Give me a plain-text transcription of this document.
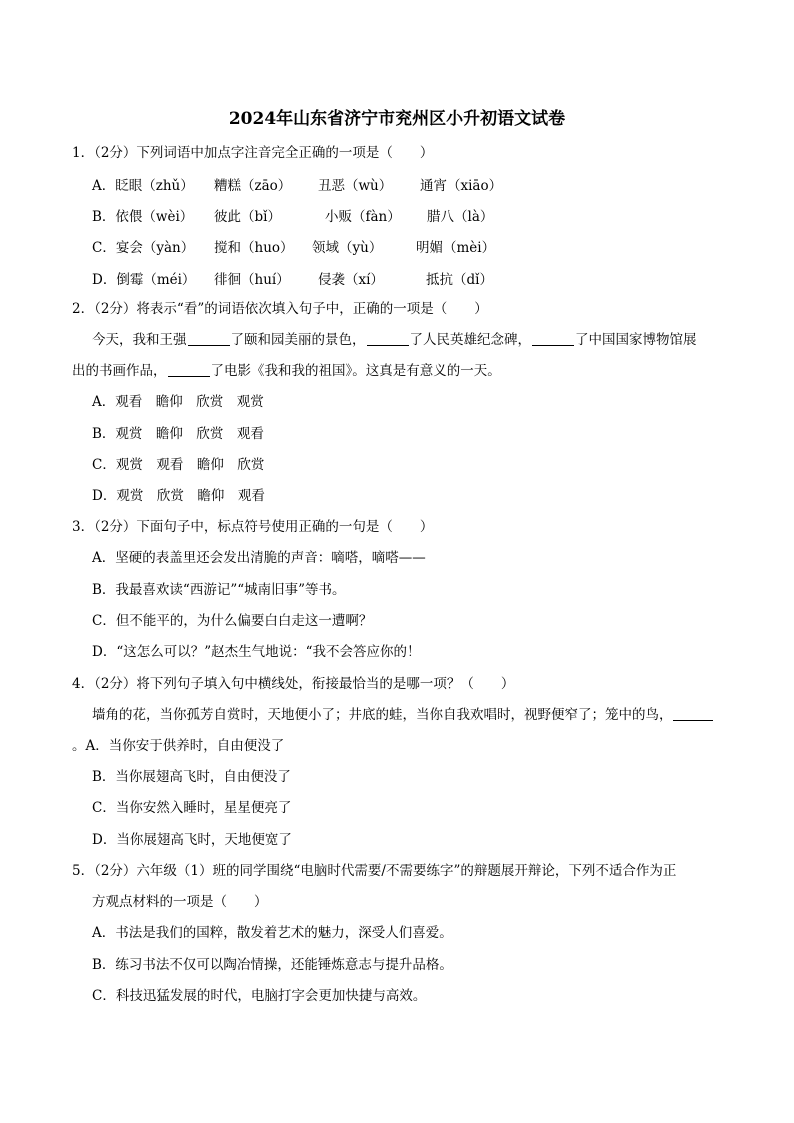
2024年山东省济宁市兖州区小升初语文试卷
1．（2分）下列词语中加点字注音完全正确的一项是（　　）
A．眨眼（zhǔ） 糟糕（zāo） 丑恶（wù） 通宵（xiāo）
B．依偎（wèi） 彼此（bǐ）	小贩（fàn） 腊八（là）
C．宴会（yàn） 搅和（huo） 领域（yù） 明媚（mèi）
D．倒霉（méi） 徘徊（huí） 侵袭（xí）	抵抗（dǐ）
2．（2分）将表示“看”的词语依次填入句子中，正确的一项是（　　）
今天，我和王强	了颐和园美丽的景色，	了人民英雄纪念碑，	了中国国家博物馆展
出的书画作品，	了电影《我和我的祖国》。这真是有意义的一天。
A．观看　瞻仰　欣赏　观赏
B．观赏　瞻仰　欣赏　观看
C．观赏　观看　瞻仰　欣赏
D．观赏　欣赏　瞻仰　观看
3．（2分）下面句子中，标点符号使用正确的一句是（　　）
A．坚硬的表盖里还会发出清脆的声音：嘀嗒，嘀嗒——
B．我最喜欢读“西游记”“城南旧事”等书。
C．但不能平的，为什么偏要白白走这一遭啊？
D．“这怎么可以？”赵杰生气地说：“我不会答应你的！
4．（2分）将下列句子填入句中横线处，衔接最恰当的是哪一项？（　　）
墙角的花，当你孤芳自赏时，天地便小了；井底的蛙，当你自我欢唱时，视野便窄了；笼中的鸟，
。A．当你安于供养时，自由便没了
B．当你展翅高飞时，自由便没了
C．当你安然入睡时，星星便亮了
D．当你展翅高飞时，天地便宽了
5．（2分）六年级（1）班的同学围绕“电脑时代需要/不需要练字”的辩题展开辩论，下列不适合作为正
方观点材料的一项是（　　）
A．书法是我们的国粹，散发着艺术的魅力，深受人们喜爱。
B．练习书法不仅可以陶冶情操，还能锤炼意志与提升品格。
C．科技迅猛发展的时代，电脑打字会更加快捷与高效。
